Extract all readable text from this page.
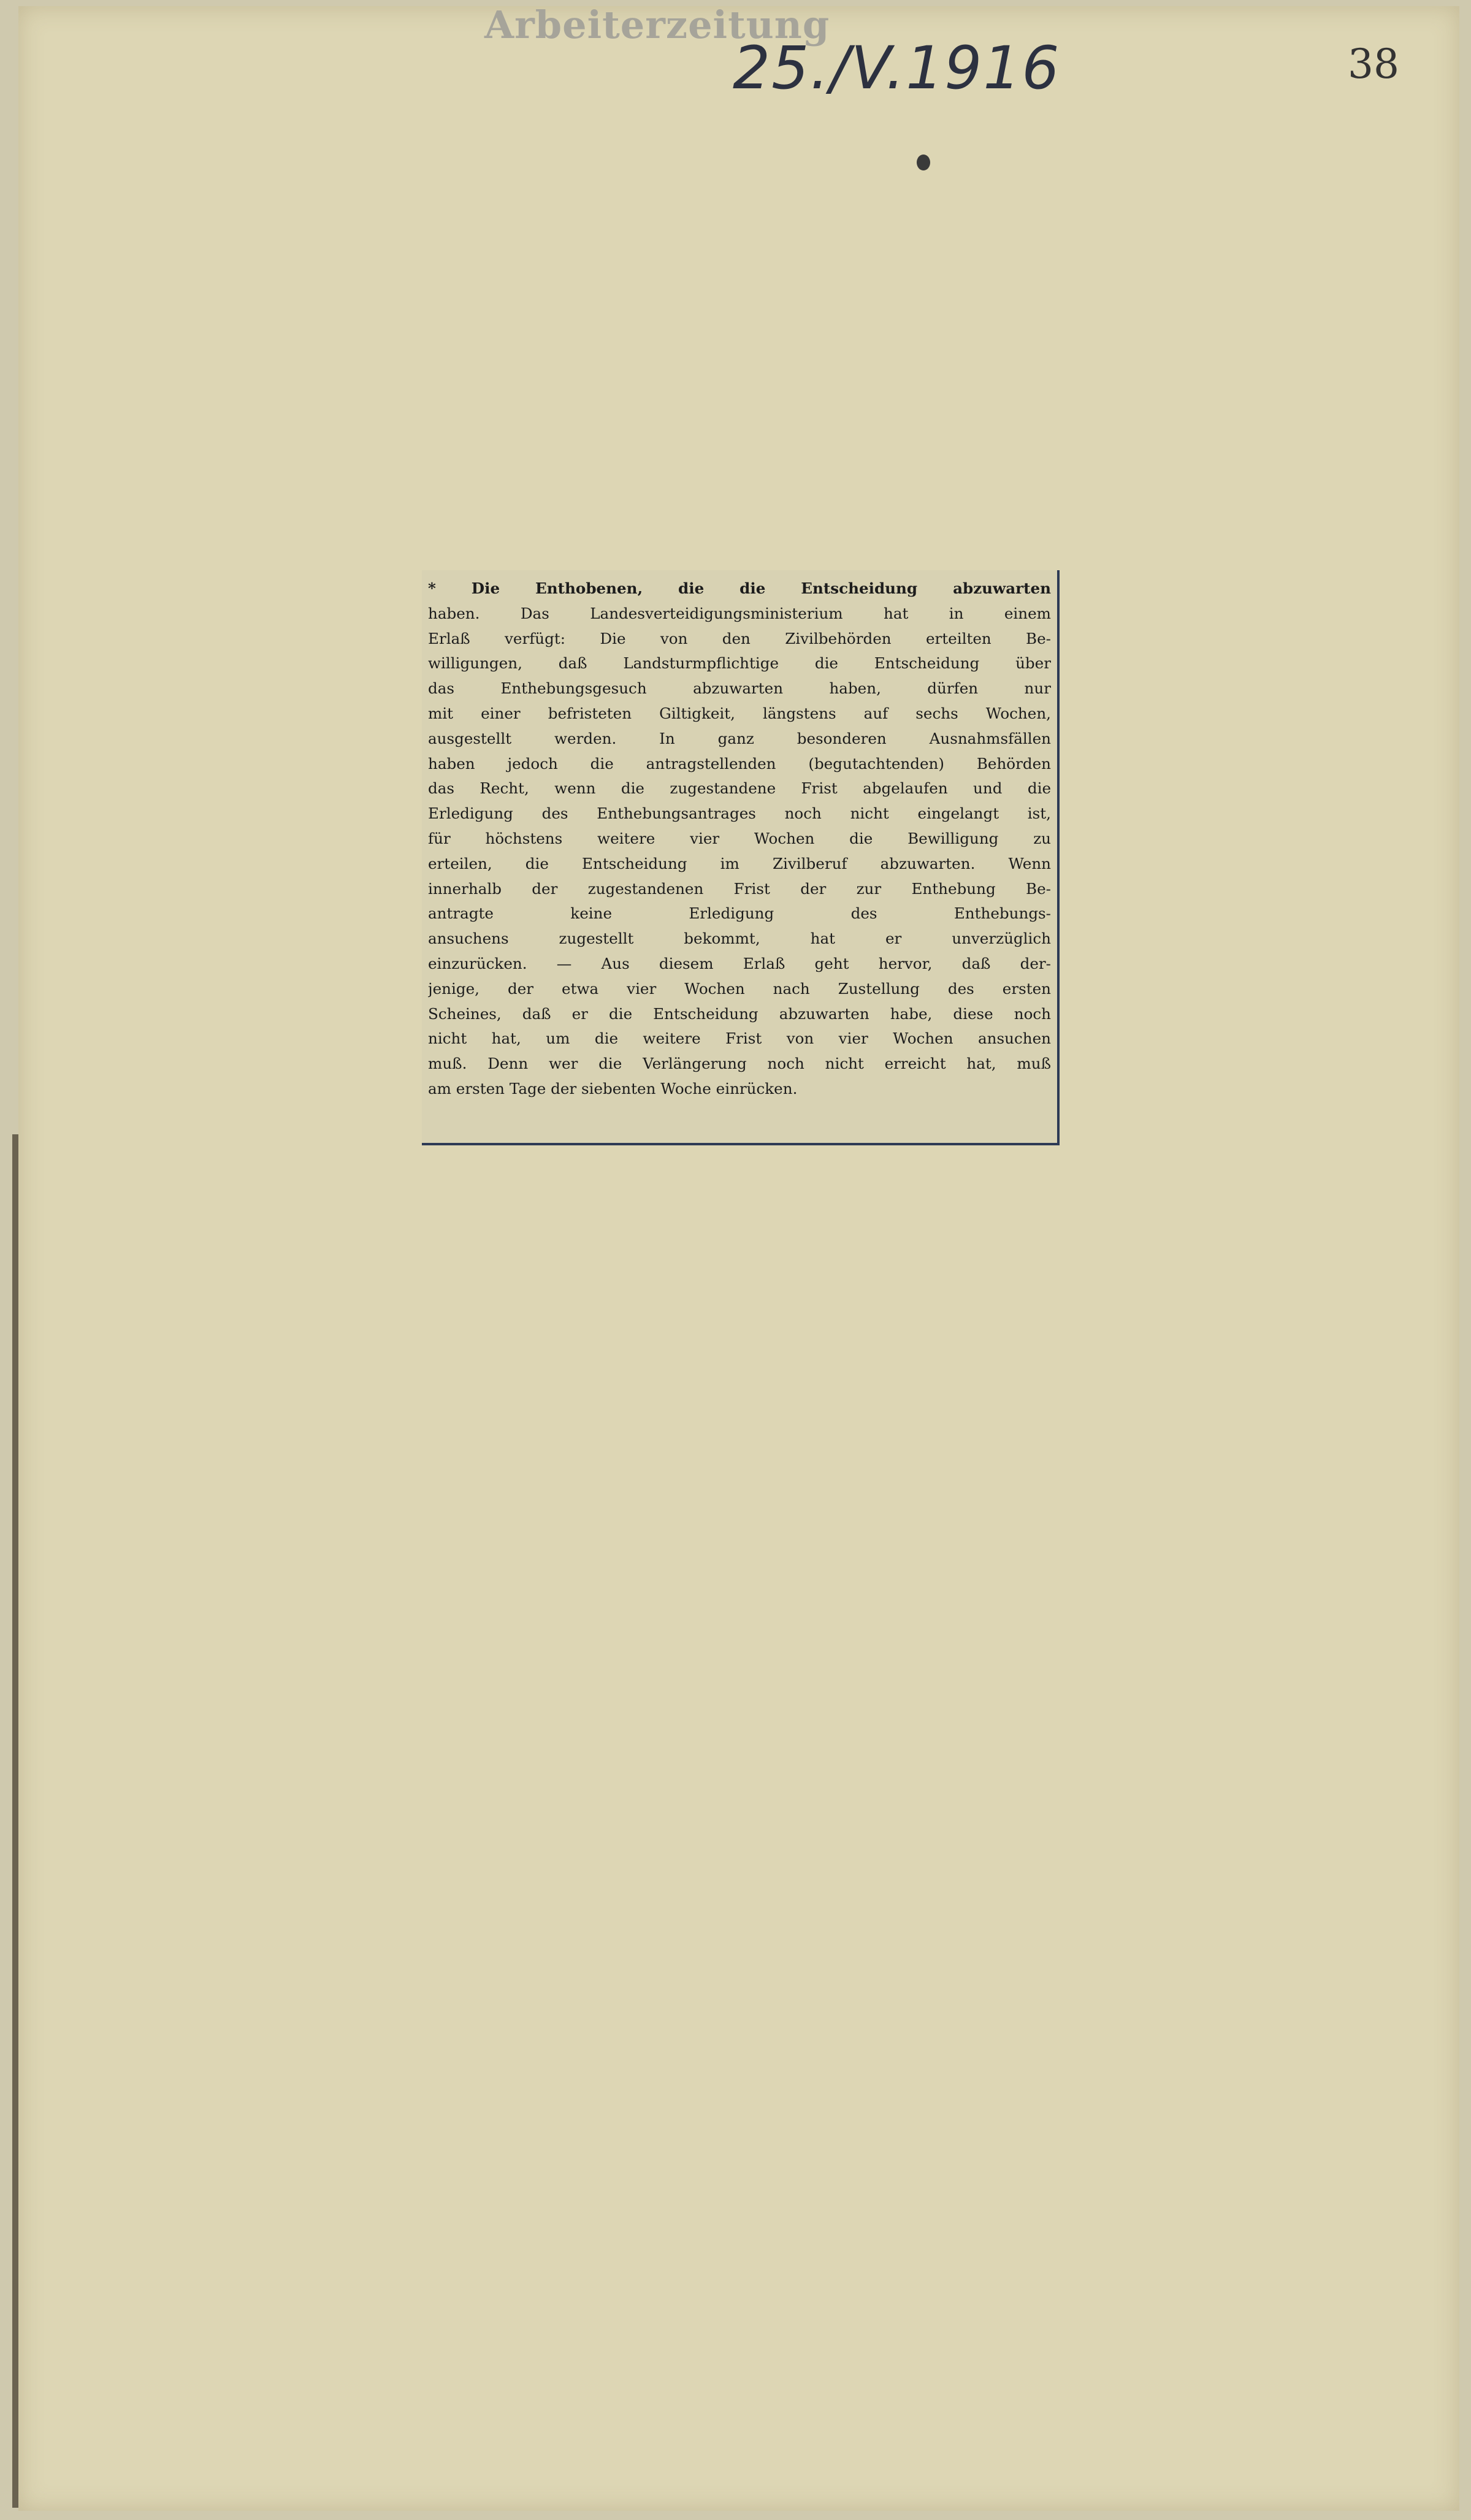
Arbeiterzeitung
25./V.1916	38
* Die Enthobenen, die die Entscheidung abzuwarten
haben. Das Landesverteidigungsministerium hat in einem
Erlaß verfügt: Die von den Zivilbehörden erteilten Be-
willigungen, daß Landsturmpflichtige die Entscheidung über
das Enthebungsgesuch abzuwarten haben, dürfen nur
mit einer befristeten Giltigkeit, längstens auf sechs Wochen,
ausgestellt werden. In ganz besonderen Ausnahmsfällen
haben jedoch die antragstellenden (begutachtenden) Behörden
das Recht, wenn die zugestandene Frist abgelaufen und die
Erledigung des Enthebungsantrages noch nicht eingelangt ist,
für höchstens weitere vier Wochen die Bewilligung zu
erteilen, die Entscheidung im Zivilberuf abzuwarten. Wenn
innerhalb der zugestandenen Frist der zur Enthebung Be-
antragte keine Erledigung des Enthebungs-
ansuchens zugestellt bekommt, hat er unverzüglich
einzurücken. — Aus diesem Erlaß geht hervor, daß der-
jenige, der etwa vier Wochen nach Zustellung des ersten
Scheines, daß er die Entscheidung abzuwarten habe, diese noch
nicht hat, um die weitere Frist von vier Wochen ansuchen
muß. Denn wer die Verlängerung noch nicht erreicht hat, muß
am ersten Tage der siebenten Woche einrücken.
